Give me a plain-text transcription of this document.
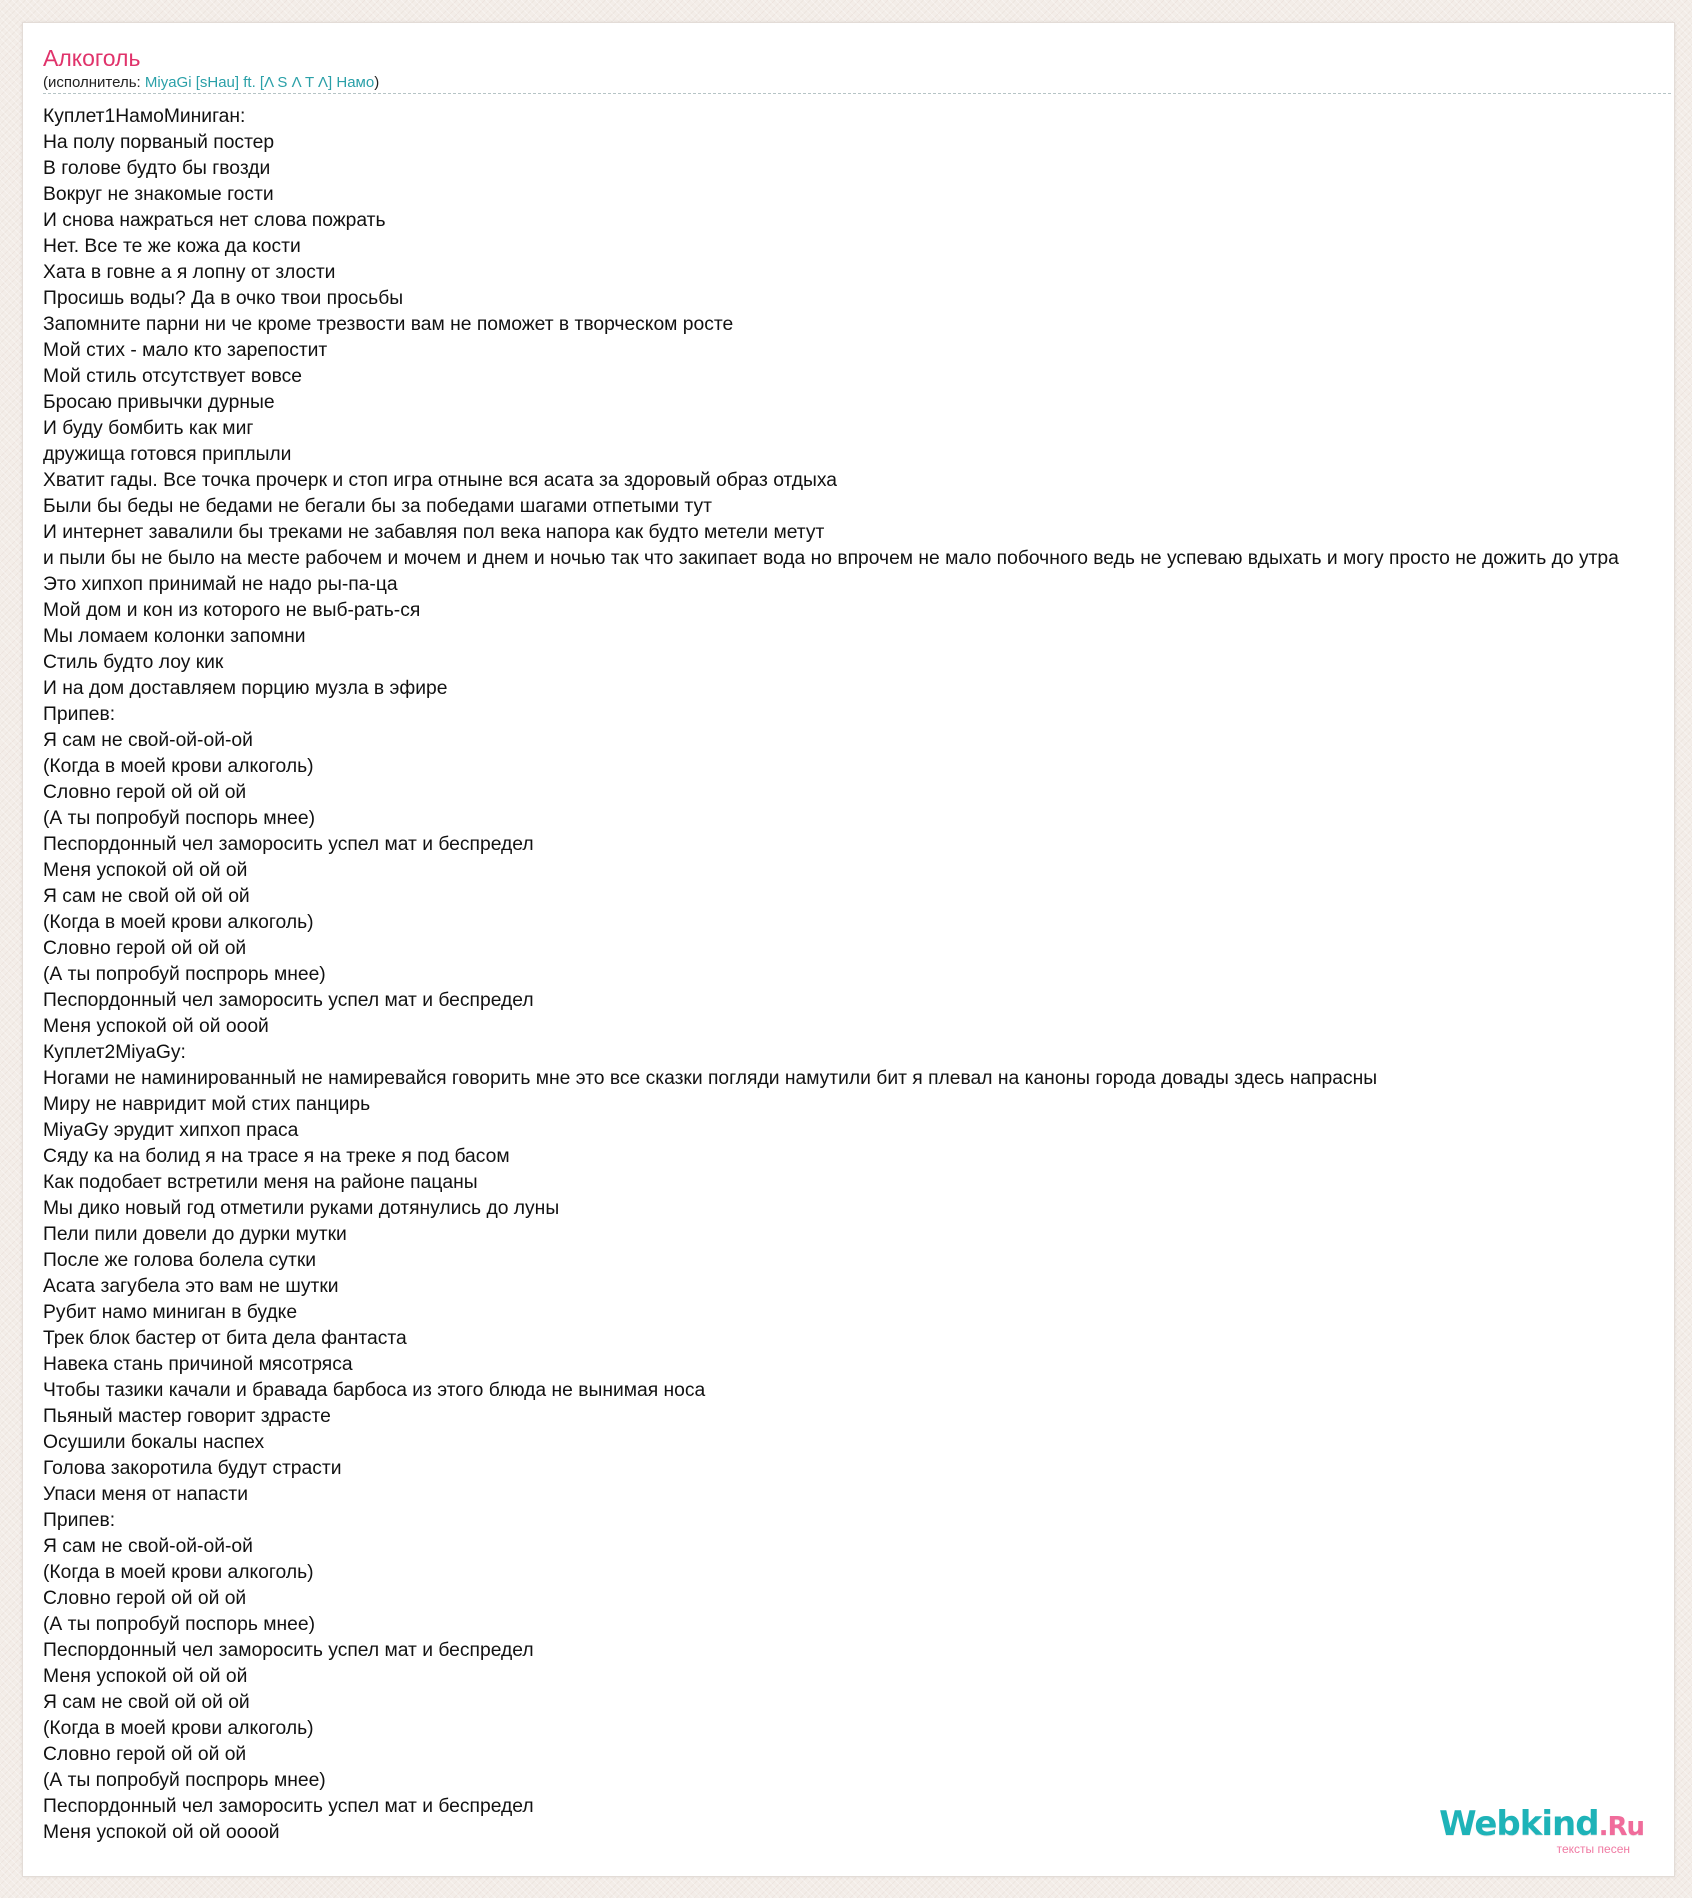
Алкоголь
(исполнитель: MiyaGi [sHau] ft. [Λ S Λ T Λ] Намо)
Куплет1НамоМиниган:
На полу порваный постер
В голове будто бы гвозди
Вокруг не знакомые гости
И снова нажраться нет слова пожрать
Нет. Все те же кожа да кости
Хата в говне а я лопну от злости
Просишь воды? Да в очко твои просьбы
Запомните парни ни че кроме трезвости вам не поможет в творческом росте
Мой стих - мало кто зарепостит
Мой стиль отсутствует вовсе
Бросаю привычки дурные
И буду бомбить как миг
дружища готовся приплыли
Хватит гады. Все точка прочерк и стоп игра отныне вся асата за здоровый образ отдыха
Были бы беды не бедами не бегали бы за победами шагами отпетыми тут
И интернет завалили бы треками не забавляя пол века напора как будто метели метут
и пыли бы не было на месте рабочем и мочем и днем и ночью так что закипает вода но впрочем не мало побочного ведь не успеваю вдыхать и могу просто не дожить до утра
Это хипхоп принимай не надо ры-па-ца
Мой дом и кон из которого не выб-рать-ся
Мы ломаем колонки запомни
Стиль будто лоу кик
И на дом доставляем порцию музла в эфире
Припев:
Я сам не свой-ой-ой-ой
(Когда в моей крови алкоголь)
Словно герой ой ой ой
(А ты попробуй поспорь мнее)
Песпордонный чел заморосить успел мат и беспредел
Меня успокой ой ой ой
Я сам не свой ой ой ой
(Когда в моей крови алкоголь)
Словно герой ой ой ой
(А ты попробуй поспрорь мнее)
Песпордонный чел заморосить успел мат и беспредел
Меня успокой ой ой ооой
Куплет2MiyaGy:
Ногами не наминированный не намиревайся говорить мне это все сказки погляди намутили бит я плевал на каноны города довады здесь напрасны
Миру не навридит мой стих панцирь
MiyaGy эрудит хипхоп праса
Сяду ка на болид я на трасе я на треке я под басом
Как подобает встретили меня на районе пацаны
Мы дико новый год отметили руками дотянулись до луны
Пели пили довели до дурки мутки
После же голова болела сутки
Асата загубела это вам не шутки
Рубит намо миниган в будке
Трек блок бастер от бита дела фантаста
Навека стань причиной мясотряса
Чтобы тазики качали и бравада барбоса из этого блюда не вынимая носа
Пьяный мастер говорит здрасте
Осушили бокалы наспех
Голова закоротила будут страсти
Упаси меня от напасти
Припев:
Я сам не свой-ой-ой-ой
(Когда в моей крови алкоголь)
Словно герой ой ой ой
(А ты попробуй поспорь мнее)
Песпордонный чел заморосить успел мат и беспредел
Меня успокой ой ой ой
Я сам не свой ой ой ой
(Когда в моей крови алкоголь)
Словно герой ой ой ой
(А ты попробуй поспрорь мнее)
Песпордонный чел заморосить успел мат и беспредел
Меня успокой ой ой оооой	Webkind.Ru
тексты песен
